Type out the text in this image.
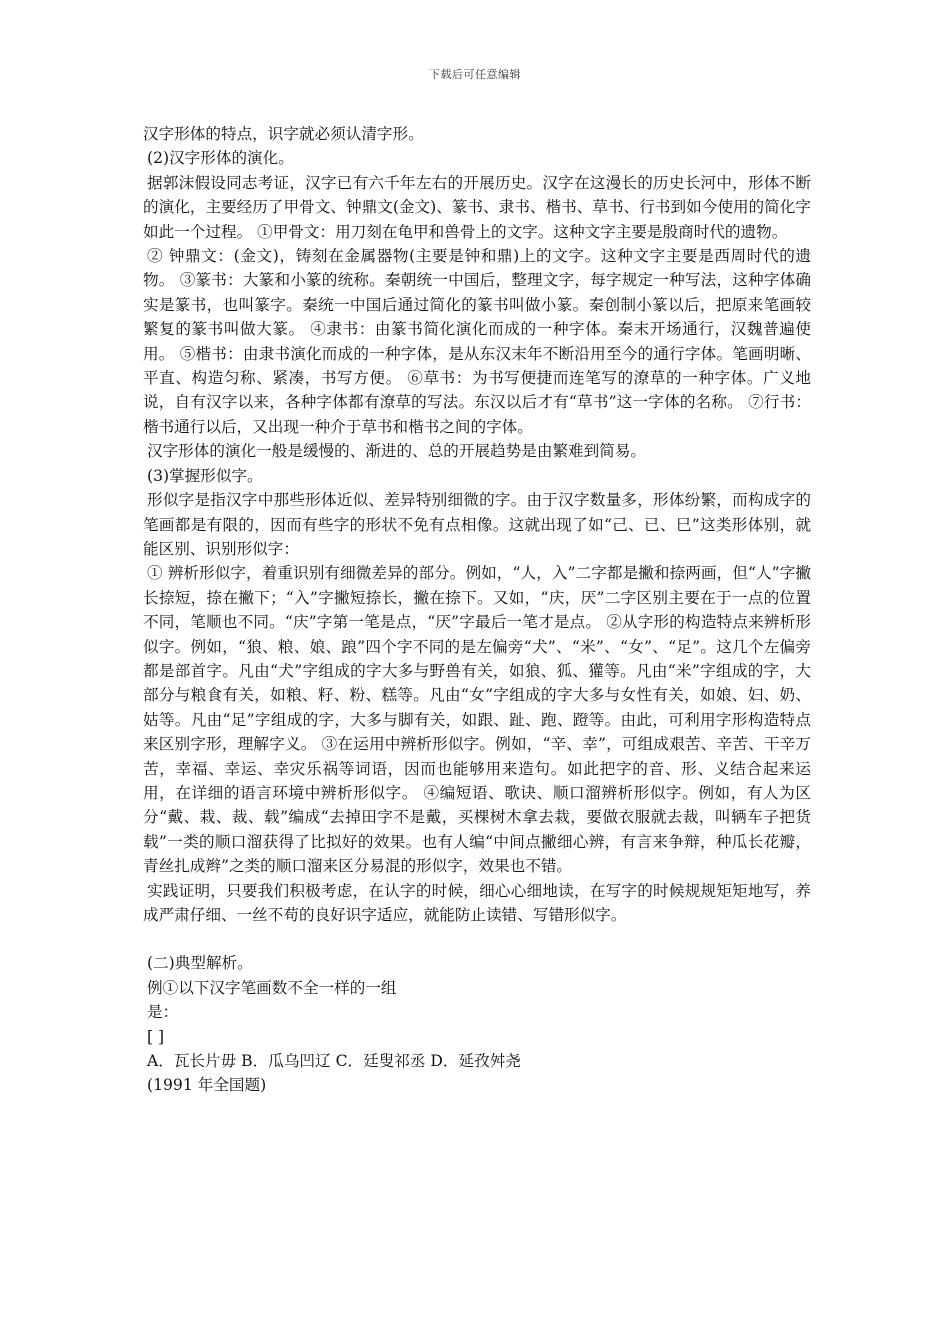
下载后可任意编辑

汉字形体的特点，识字就必须认清字形。

(2)汉字形体的演化。

据郭沫假设同志考证，汉字已有六千年左右的开展历史。汉字在这漫长的历史长河中，形体不断的演化，主要经历了甲骨文、钟鼎文(金文)、篆书、隶书、楷书、草书、行书到如今使用的简化字如此一个过程。 ①甲骨文：用刀刻在龟甲和兽骨上的文字。这种文字主要是殷商时代的遗物。

② 钟鼎文：(金文)，铸刻在金属器物(主要是钟和鼎)上的文字。这种文字主要是西周时代的遗物。 ③篆书：大篆和小篆的统称。秦朝统一中国后，整理文字，每字规定一种写法，这种字体确实是篆书，也叫篆字。秦统一中国后通过简化的篆书叫做小篆。秦创制小篆以后，把原来笔画较繁复的篆书叫做大篆。 ④隶书：由篆书简化演化而成的一种字体。秦末开场通行，汉魏普遍使用。 ⑤楷书：由隶书演化而成的一种字体，是从东汉末年不断沿用至今的通行字体。笔画明晰、平直、构造匀称、紧凑，书写方便。 ⑥草书：为书写便捷而连笔写的潦草的一种字体。广义地说，自有汉字以来，各种字体都有潦草的写法。东汉以后才有“草书”这一字体的名称。 ⑦行书：楷书通行以后，又出现一种介于草书和楷书之间的字体。

汉字形体的演化一般是缓慢的、渐进的、总的开展趋势是由繁难到简易。

(3)掌握形似字。

形似字是指汉字中那些形体近似、差异特别细微的字。由于汉字数量多，形体纷繁，而构成字的笔画都是有限的，因而有些字的形状不免有点相像。这就出现了如“己、已、巳”这类形体别，就能区别、识别形似字：

① 辨析形似字，着重识别有细微差异的部分。例如，“人，入”二字都是撇和捺两画，但“人”字撇长捺短，捺在撇下；“入”字撇短捺长，撇在捺下。又如，“庆，厌”二字区别主要在于一点的位置不同，笔顺也不同。“庆”字第一笔是点，“厌”字最后一笔才是点。 ②从字形的构造特点来辨析形似字。例如，“狼、粮、娘、踉”四个字不同的是左偏旁“犬”、“米”、“女”、“足”。这几个左偏旁都是部首字。凡由“犬”字组成的字大多与野兽有关，如狼、狐、獾等。凡由“米”字组成的字，大部分与粮食有关，如粮、籽、粉、糕等。凡由“女”字组成的字大多与女性有关，如娘、妇、奶、姑等。凡由“足”字组成的字，大多与脚有关，如跟、趾、跑、蹬等。由此，可利用字形构造特点来区别字形，理解字义。 ③在运用中辨析形似字。例如，“辛、幸”，可组成艰苦、辛苦、干辛万苦，幸福、幸运、幸灾乐祸等词语，因而也能够用来造句。如此把字的音、形、义结合起来运用，在详细的语言环境中辨析形似字。 ④编短语、歌诀、顺口溜辨析形似字。例如，有人为区分“戴、栽、裁、载”编成“去掉田字不是戴，买棵树木拿去栽，要做衣服就去裁，叫辆车子把货载”一类的顺口溜获得了比拟好的效果。也有人编“中间点撇细心辨，有言来争辩，种瓜长花瓣，青丝扎成辫”之类的顺口溜来区分易混的形似字，效果也不错。

实践证明，只要我们积极考虑，在认字的时候，细心心细地读，在写字的时候规规矩矩地写，养成严肃仔细、一丝不苟的良好识字适应，就能防止读错、写错形似字。

(二)典型解析。

例①以下汉字笔画数不全一样的一组

是：

[ ]

A．瓦长片毋 B．瓜乌凹辽 C．廷叟祁丞 D．延孜舛尧

(1991 年全国题)
